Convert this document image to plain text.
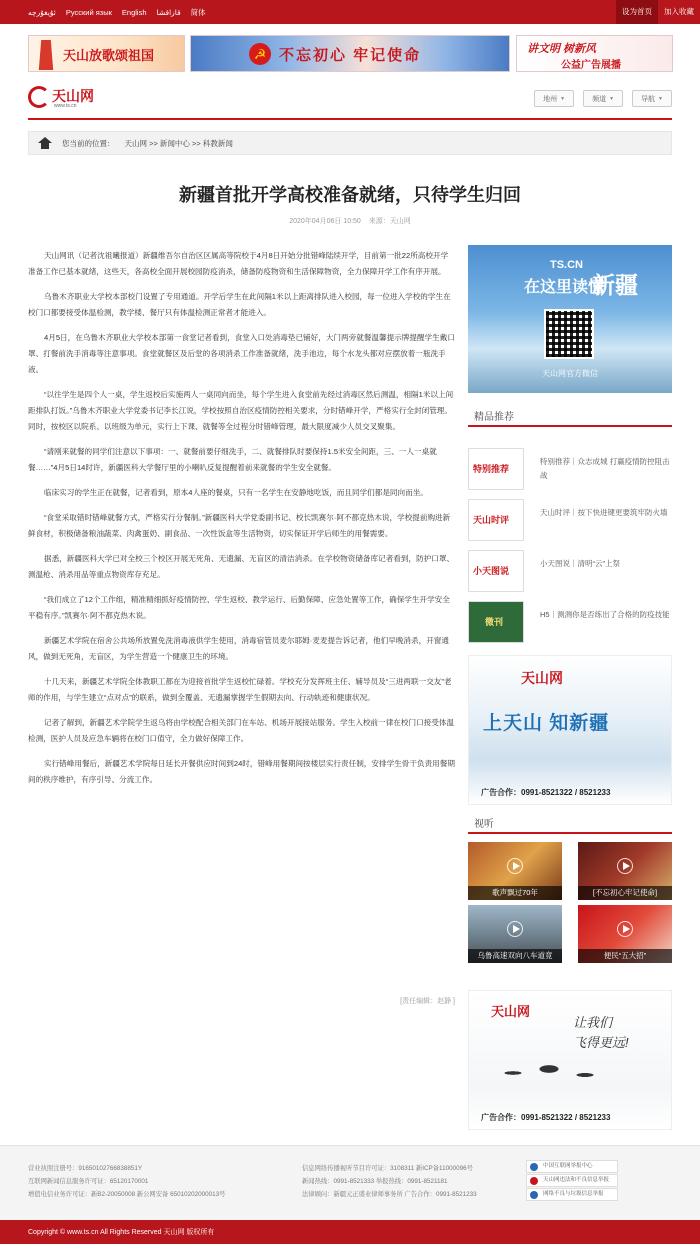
ئۇيغۇرچە Русский язык English قازاقشا 简体	设为首页	加入收藏
天山放歌颂祖国	☭ 不忘初心 牢记使命	讲文明 树新风
公益广告展播
天山网
www.ts.cn
地州 ▼	频道 ▼	导航 ▼
您当前的位置： 天山网 >> 新闻中心 >> 科教新闻
新疆首批开学高校准备就绪，只待学生归回
2020年04月06日 10:50 来源：天山网

天山网讯（记者沈祖曦报道）新疆维吾尔自治区区属高等院校于4月8日开始分批错峰陆续开学，目前第一批22所高校开学准备工作已基本就绪，这些天，各高校全面开展校园防疫消杀，储备防疫物资和生活保障物资，全力保障开学工作有序开展。

乌鲁木齐职业大学校本部校门设置了专用通道。开学后学生在此间隔1米以上距离排队进入校园，每一位进入学校的学生在校门口都要接受体温检测，教学楼、餐厅只有体温检测正常者才能进入。

4月5日，在乌鲁木齐职业大学校本部第一食堂记者看到，食堂入口处消毒垫已铺好，大门两旁就餐温馨提示牌提醒学生戴口罩、打餐前洗手消毒等注意事项。食堂就餐区及后堂的各项消杀工作准备就绪，洗手池边，每个水龙头都对应摆放着一瓶洗手液。

“以往学生是四个人一桌，学生返校后实施两人一桌同向而坐，每个学生进入食堂前先经过消毒区然后测温，相隔1米以上间距排队打饭。”乌鲁木齐职业大学党委书记李长江说，学校按照自治区疫情防控相关要求，分时错峰开学，严格实行全封闭管理。同时，按校区以院系、以班级为单元，实行上下课、就餐等全过程分时错峰管理，最大限度减少人员交叉聚集。

“请刚来就餐的同学们注意以下事项：一、就餐前要仔细洗手，二、就餐排队时要保持1.5米安全间距，三、一人一桌就餐……”4月5日14时许，新疆医科大学餐厅里的小喇叭反复提醒着前来就餐的学生安全就餐。

临床实习的学生正在就餐，记者看到，原本4人座的餐桌，只有一名学生在安静地吃饭，而且同学们都是同向而坐。

“食堂采取错时错峰就餐方式，严格实行分餐制。”新疆医科大学党委副书记、校长凯赛尔·阿不都克热木说，学校提前购进新鲜食材，积极储备粮油蔬菜、肉禽蛋奶、副食品、一次性饭盒等生活物资，切实保证开学后师生的用餐需要。

据悉，新疆医科大学已对全校三个校区开展无死角、无遗漏、无盲区的清洁消杀。在学校物资储备库记者看到，防护口罩、测温枪、消杀用品等重点物资库存充足。

“我们成立了12个工作组，精准精细抓好疫情防控、学生返校、教学运行、后勤保障、应急处置等工作，确保学生开学安全平稳有序。”凯赛尔·阿不都克热木说。

新疆艺术学院在宿舍公共场所放置免洗消毒液供学生使用，消毒宿管员麦尔耶姆·麦麦提告诉记者，他们早晚消杀，开窗通风，做到无死角，无盲区，为学生营造一个健康卫生的环境。

十几天来，新疆艺术学院全体教职工都在为迎接首批学生返校忙碌着。学校充分发挥班主任、辅导员及“三进两联一交友”老师的作用，与学生建立“点对点”的联系，做到全覆盖、无遗漏掌握学生假期去向、行动轨迹和健康状况。

记者了解到，新疆艺术学院学生返乌将由学校配合相关部门在车站、机场开展接站服务。学生入校前一律在校门口接受体温检测，医护人员及应急车辆将在校门口值守，全力做好保障工作。

实行错峰用餐后，新疆艺术学院每日延长开餐供应时间到24时，错峰用餐期间按楼层实行责任制，安排学生骨干负责用餐期间的秩序维护，有序引导、分流工作。

[责任编辑：赵静 ]
TS.CN
在这里读懂
新疆
天山网官方微信
精品推荐
特别推荐
特别推荐｜众志成城 打赢疫情防控阻击战
天山时评
天山时评｜按下快进键更要筑牢防火墙
小天图说
小天图说｜清明“云”上祭
微刊
H5｜测测你是否练出了合格的防疫技能
天山网
上天山 知新疆
广告合作：0991-8521322 / 8521233
视听
歌声飘过70年	[不忘初心牢记使命]
乌鲁高速双向八车道竟	便民“五大招”
天山网
让我们
飞得更远!
广告合作：0991-8521322 / 8521233
营业执照注册号：916501027668388​51Y
互联网新闻信息服务许可证：65120170001
增值电信业务许可证：新B2-20050008 新公网安备 65010202000013号
信息网络传播视听节目许可证：3108311 新ICP备11000096号
新闻热线：0991-8521333 举报热线：0991-8521181
法律顾问：新疆元正盛业律师事务所 广告合作：0991-8521233
中国互联网举报中心
天山网违法和不良信息举报
网络不良与垃圾信息举报
Copyright © www.ts.cn All Rights Reserved 天山网 版权所有
